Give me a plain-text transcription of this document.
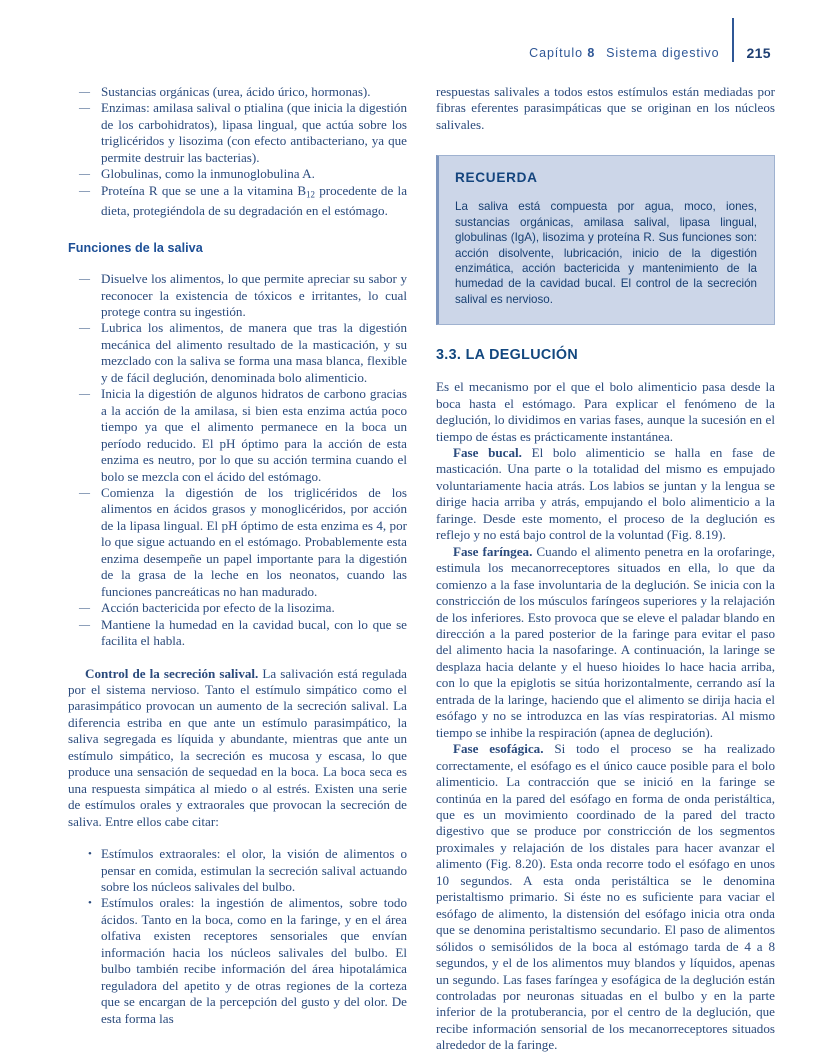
Capítulo 8 Sistema digestivo 215
— Sustancias orgánicas (urea, ácido úrico, hormonas).
— Enzimas: amilasa salival o ptialina (que inicia la digestión de los carbohidratos), lipasa lingual, que actúa sobre los triglicéridos y lisozima (con efecto antibacteriano, ya que permite destruir las bacterias).
— Globulinas, como la inmunoglobulina A.
— Proteína R que se une a la vitamina $B_{12}$ procedente de la dieta, protegiéndola de su degradación en el estómago.
Funciones de la saliva
— Disuelve los alimentos, lo que permite apreciar su sabor y reconocer la existencia de tóxicos e irritantes, lo cual protege contra su ingestión.
— Lubrica los alimentos, de manera que tras la digestión mecánica del alimento resultado de la masticación, y su mezclado con la saliva se forma una masa blanca, flexible y de fácil deglución, denominada bolo alimenticio.
— Inicia la digestión de algunos hidratos de carbono gracias a la acción de la amilasa, si bien esta enzima actúa poco tiempo ya que el alimento permanece en la boca un período reducido. El pH óptimo para la acción de esta enzima es neutro, por lo que su acción termina cuando el bolo se mezcla con el ácido del estómago.
— Comienza la digestión de los triglicéridos de los alimentos en ácidos grasos y monoglicéridos, por acción de la lipasa lingual. El pH óptimo de esta enzima es 4, por lo que sigue actuando en el estómago. Probablemente esta enzima desempeñe un papel importante para la digestión de la grasa de la leche en los neonatos, cuando las funciones pancreáticas no han madurado.
— Acción bactericida por efecto de la lisozima.
— Mantiene la humedad en la cavidad bucal, con lo que se facilita el habla.

Control de la secreción salival. La salivación está regulada por el sistema nervioso. Tanto el estímulo simpático como el parasimpático provocan un aumento de la secreción salival. La diferencia estriba en que ante un estímulo parasimpático, la saliva segregada es líquida y abundante, mientras que ante un estímulo simpático, la secreción es mucosa y escasa, lo que produce una sensación de sequedad en la boca. La boca seca es una respuesta simpática al miedo o al estrés. Existen una serie de estímulos orales y extraorales que provocan la secreción de saliva. Entre ellos cabe citar:

• Estímulos extraorales: el olor, la visión de alimentos o pensar en comida, estimulan la secreción salival actuando sobre los núcleos salivales del bulbo.
• Estímulos orales: la ingestión de alimentos, sobre todo ácidos. Tanto en la boca, como en la faringe, y en el área olfativa existen receptores sensoriales que envían información hacia los núcleos salivales del bulbo. El bulbo también recibe información del área hipotalámica reguladora del apetito y de otras regiones de la corteza que se encargan de la percepción del gusto y del olor. De esta forma las

respuestas salivales a todos estos estímulos están mediadas por fibras eferentes parasimpáticas que se originan en los núcleos salivales.

RECUERDA
La saliva está compuesta por agua, moco, iones, sustancias orgánicas, amilasa salival, lipasa lingual, globulinas (IgA), lisozima y proteína R. Sus funciones son: acción disolvente, lubricación, inicio de la digestión enzimática, acción bactericida y mantenimiento de la humedad de la cavidad bucal. El control de la secreción salival es nervioso.
3.3. LA DEGLUCIÓN

Es el mecanismo por el que el bolo alimenticio pasa desde la boca hasta el estómago. Para explicar el fenómeno de la deglución, lo dividimos en varias fases, aunque la sucesión en el tiempo de éstas es prácticamente instantánea.

Fase bucal. El bolo alimenticio se halla en fase de masticación. Una parte o la totalidad del mismo es empujado voluntariamente hacia atrás. Los labios se juntan y la lengua se dirige hacia arriba y atrás, empujando el bolo alimenticio a la faringe. Desde este momento, el proceso de la deglución es reflejo y no está bajo control de la voluntad (Fig. 8.19).

Fase faríngea. Cuando el alimento penetra en la orofaringe, estimula los mecanorreceptores situados en ella, lo que da comienzo a la fase involuntaria de la deglución. Se inicia con la constricción de los músculos faríngeos superiores y la relajación de los inferiores. Esto provoca que se eleve el paladar blando en dirección a la pared posterior de la faringe para evitar el paso del alimento hacia la nasofaringe. A continuación, la laringe se desplaza hacia delante y el hueso hioides lo hace hacia arriba, con lo que la epiglotis se sitúa horizontalmente, cerrando así la entrada de la laringe, haciendo que el alimento se dirija hacia el esófago y no se introduzca en las vías respiratorias. Al mismo tiempo se inhibe la respiración (apnea de deglución).

Fase esofágica. Si todo el proceso se ha realizado correctamente, el esófago es el único cauce posible para el bolo alimenticio. La contracción que se inició en la faringe se continúa en la pared del esófago en forma de onda peristáltica, que es un movimiento coordinado de la pared del tracto digestivo que se produce por constricción de los segmentos proximales y relajación de los distales para hacer avanzar el alimento (Fig. 8.20). Esta onda recorre todo el esófago en unos 10 segundos. A esta onda peristáltica se le denomina peristaltismo primario. Si éste no es suficiente para vaciar el esófago de alimento, la distensión del esófago inicia otra onda que se denomina peristaltismo secundario. El paso de alimentos sólidos o semisólidos de la boca al estómago tarda de 4 a 8 segundos, y el de los alimentos muy blandos y líquidos, apenas un segundo. Las fases faríngea y esofágica de la deglución están controladas por neuronas situadas en el bulbo y en la parte inferior de la protuberancia, por el centro de la deglución, que recibe información sensorial de los mecanorreceptores situados alrededor de la faringe.
